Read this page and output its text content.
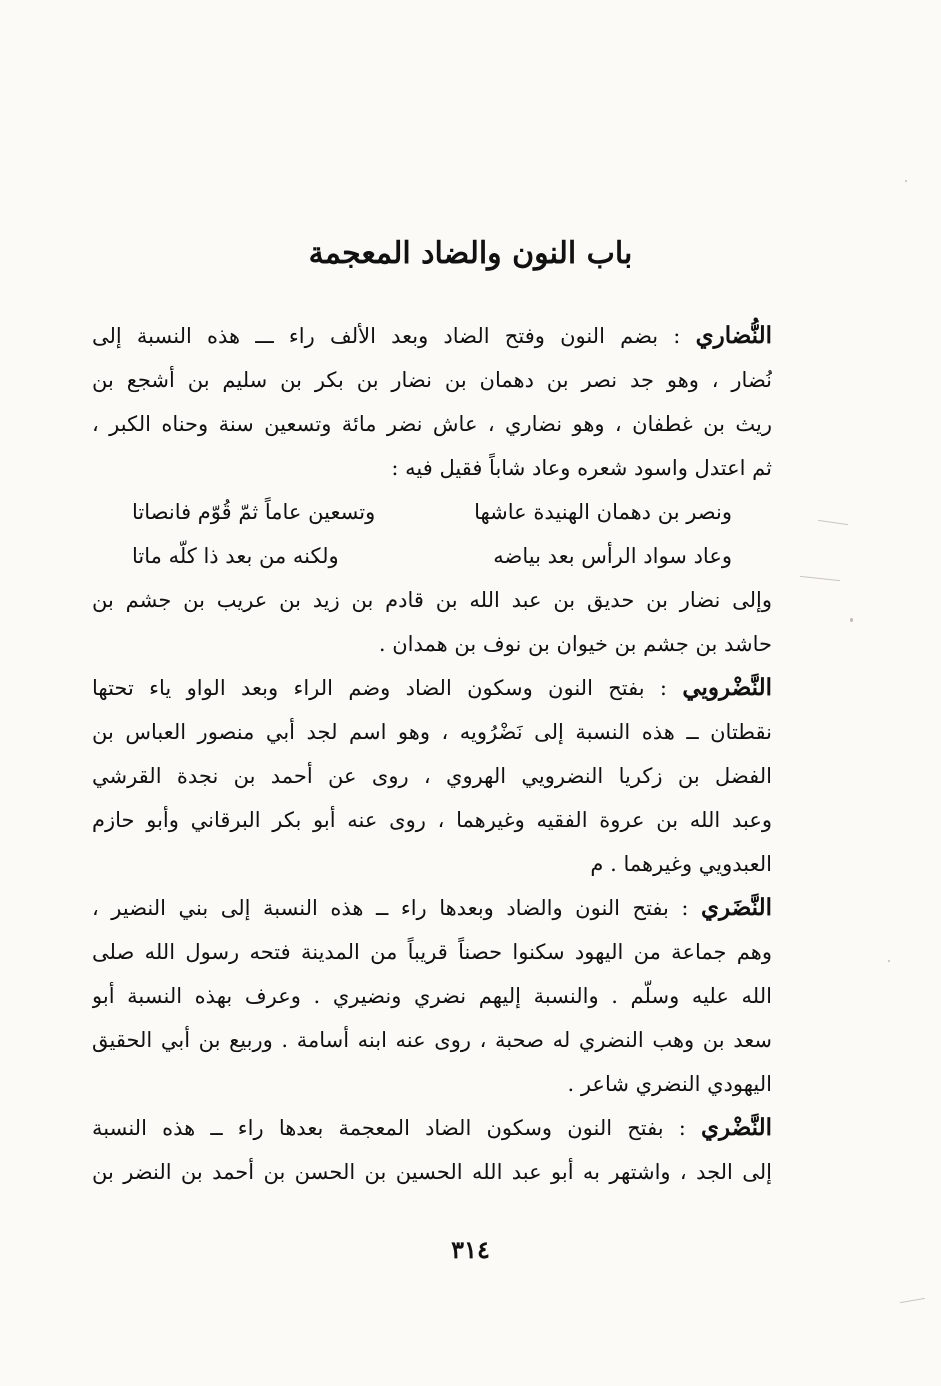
باب النون والضاد المعجمة
النُّضاري : بضم النون وفتح الضاد وبعد الألف راء ـــ هذه النسبة إلى
نُضار ، وهو جد نصر بن دهمان بن نضار بن بكر بن سليم بن أشجع بن
ريث بن غطفان ، وهو نضاري ، عاش نضر مائة وتسعين سنة وحناه الكبر ،
ثم اعتدل واسود شعره وعاد شاباً فقيل فيه :
ونصر بن دهمان الهنيدة عاشها
وتسعين عاماً ثمّ قُوّم فانصاتا
وعاد سواد الرأس بعد بياضه
ولكنه من بعد ذا كلّه ماتا
وإلى نضار بن حديق بن عبد الله بن قادم بن زيد بن عريب بن جشم بن
حاشد بن جشم بن خيوان بن نوف بن همدان .
النَّضْرويي : بفتح النون وسكون الضاد وضم الراء وبعد الواو ياء تحتها
نقطتان ــ هذه النسبة إلى نَضْرُويه ، وهو اسم لجد أبي منصور العباس بن
الفضل بن زكريا النضرويي الهروي ، روى عن أحمد بن نجدة القرشي
وعبد الله بن عروة الفقيه وغيرهما ، روى عنه أبو بكر البرقاني وأبو حازم
العبدويي وغيرهما . م
النَّضَري : بفتح النون والضاد وبعدها راء ــ هذه النسبة إلى بني النضير ،
وهم جماعة من اليهود سكنوا حصناً قريباً من المدينة فتحه رسول الله صلى
الله عليه وسلّم . والنسبة إليهم نضري ونضيري . وعرف بهذه النسبة أبو
سعد بن وهب النضري له صحبة ، روى عنه ابنه أسامة . وربيع بن أبي الحقيق
اليهودي النضري شاعر .
النَّضْري : بفتح النون وسكون الضاد المعجمة بعدها راء ــ هذه النسبة
إلى الجد ، واشتهر به أبو عبد الله الحسين بن الحسن بن أحمد بن النضر بن
٣١٤
